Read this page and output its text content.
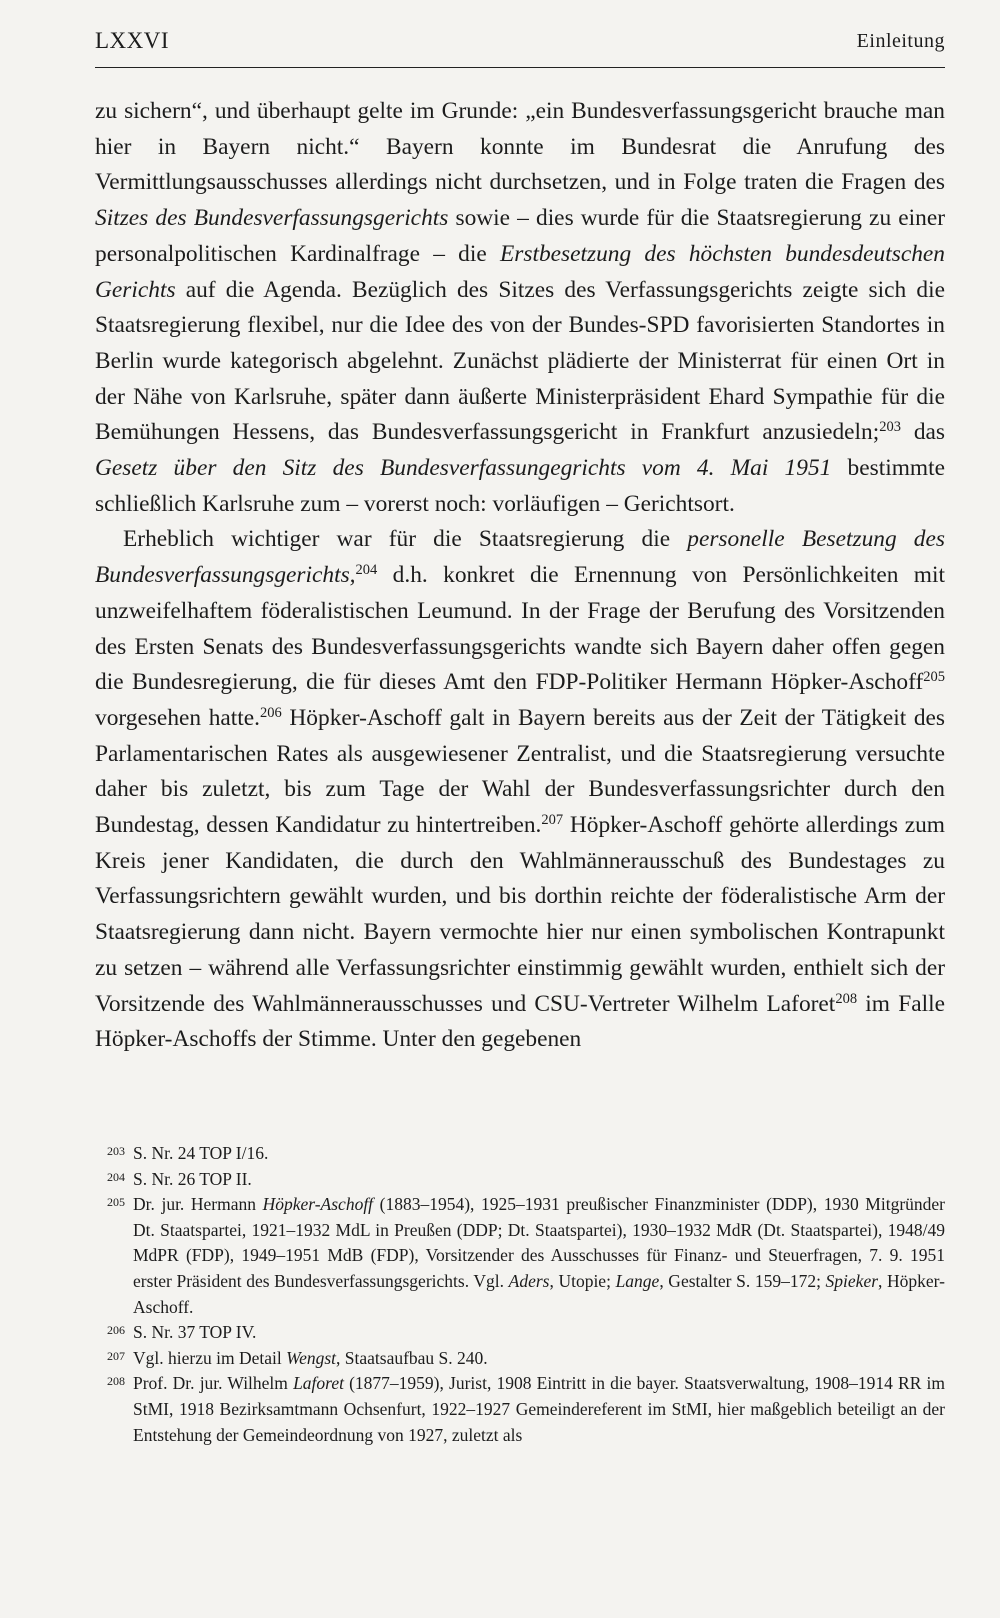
LXXVI	Einleitung

zu sichern“, und überhaupt gelte im Grunde: „ein Bundesverfassungsgericht brauche man hier in Bayern nicht.“ Bayern konnte im Bundesrat die Anrufung des Vermittlungsausschusses allerdings nicht durchsetzen, und in Folge traten die Fragen des Sitzes des Bundesverfassungsgerichts sowie – dies wurde für die Staatsregierung zu einer personalpolitischen Kardinalfrage – die Erstbesetzung des höchsten bundesdeutschen Gerichts auf die Agenda. Bezüglich des Sitzes des Verfassungsgerichts zeigte sich die Staatsregierung flexibel, nur die Idee des von der Bundes-SPD favorisierten Standortes in Berlin wurde kategorisch abgelehnt. Zunächst plädierte der Ministerrat für einen Ort in der Nähe von Karlsruhe, später dann äußerte Ministerpräsident Ehard Sympathie für die Bemühungen Hessens, das Bundesverfassungsgericht in Frankfurt anzusiedeln;$^{203}$ das Gesetz über den Sitz des Bundesverfassungegrichts vom 4. Mai 1951 bestimmte schließlich Karlsruhe zum – vorerst noch: vorläufigen – Gerichtsort.

Erheblich wichtiger war für die Staatsregierung die personelle Besetzung des Bundesverfassungsgerichts,$^{204}$ d.h. konkret die Ernennung von Persönlichkeiten mit unzweifelhaftem föderalistischen Leumund. In der Frage der Berufung des Vorsitzenden des Ersten Senats des Bundesverfassungsgerichts wandte sich Bayern daher offen gegen die Bundesregierung, die für dieses Amt den FDP-Politiker Hermann Höpker-Aschoff$^{205}$ vorgesehen hatte.$^{206}$ Höpker-Aschoff galt in Bayern bereits aus der Zeit der Tätigkeit des Parlamentarischen Rates als ausgewiesener Zentralist, und die Staatsregierung versuchte daher bis zuletzt, bis zum Tage der Wahl der Bundesverfassungsrichter durch den Bundestag, dessen Kandidatur zu hintertreiben.$^{207}$ Höpker-Aschoff gehörte allerdings zum Kreis jener Kandidaten, die durch den Wahlmännerausschuß des Bundestages zu Verfassungsrichtern gewählt wurden, und bis dorthin reichte der föderalistische Arm der Staatsregierung dann nicht. Bayern vermochte hier nur einen symbolischen Kontrapunkt zu setzen – während alle Verfassungsrichter einstimmig gewählt wurden, enthielt sich der Vorsitzende des Wahlmännerausschusses und CSU-Vertreter Wilhelm Laforet$^{208}$ im Falle Höpker-Aschoffs der Stimme. Unter den gegebenen

203 S. Nr. 24 TOP I/16.
204 S. Nr. 26 TOP II.
205 Dr. jur. Hermann Höpker-Aschoff (1883–1954), 1925–1931 preußischer Finanzminister (DDP), 1930 Mitgründer Dt. Staatspartei, 1921–1932 MdL in Preußen (DDP; Dt. Staatspartei), 1930–1932 MdR (Dt. Staatspartei), 1948/49 MdPR (FDP), 1949–1951 MdB (FDP), Vorsitzender des Ausschusses für Finanz- und Steuerfragen, 7. 9. 1951 erster Präsident des Bundesverfassungsgerichts. Vgl. Aders, Utopie; Lange, Gestalter S. 159–172; Spieker, Höpker-Aschoff.
206 S. Nr. 37 TOP IV.
207 Vgl. hierzu im Detail Wengst, Staatsaufbau S. 240.
208 Prof. Dr. jur. Wilhelm Laforet (1877–1959), Jurist, 1908 Eintritt in die bayer. Staatsverwaltung, 1908–1914 RR im StMI, 1918 Bezirksamtmann Ochsenfurt, 1922–1927 Gemeindereferent im StMI, hier maßgeblich beteiligt an der Entstehung der Gemeindeordnung von 1927, zuletzt als
